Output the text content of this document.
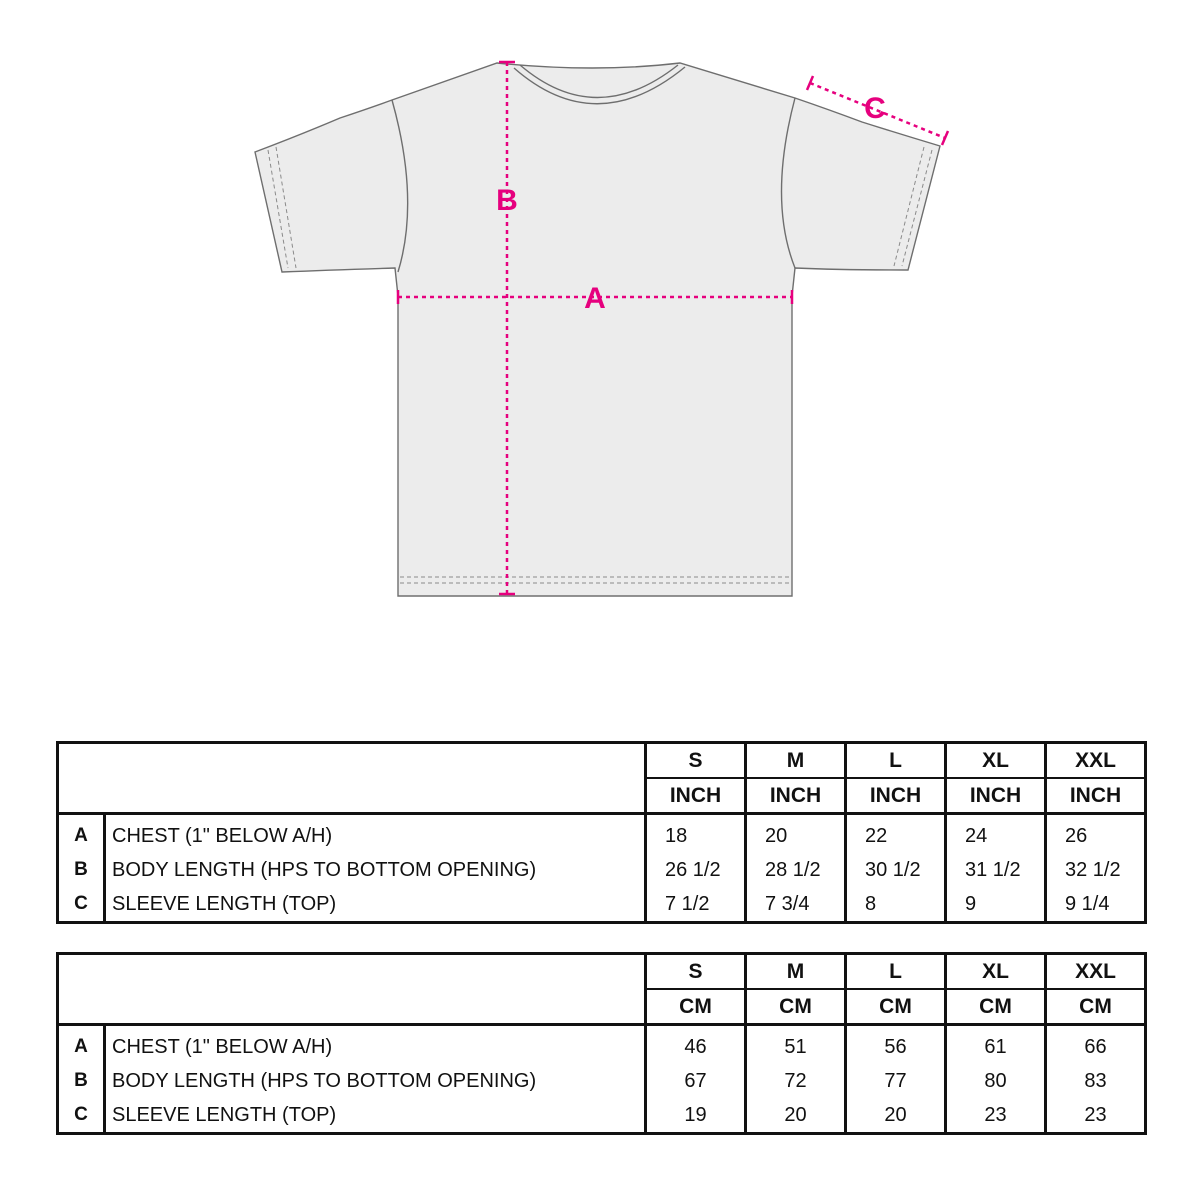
A
B
C
		S	M	L	XL	XXL
		INCH	INCH	INCH	INCH	INCH
A	CHEST (1" BELOW A/H)	18	20	22	24	26
B	BODY LENGTH (HPS TO BOTTOM OPENING)	26 1/2	28 1/2	30 1/2	31 1/2	32 1/2
C	SLEEVE LENGTH (TOP)	7 1/2	7 3/4	8	9	9 1/4
		S	M	L	XL	XXL
		CM	CM	CM	CM	CM
A	CHEST (1" BELOW A/H)	46	51	56	61	66
B	BODY LENGTH (HPS TO BOTTOM OPENING)	67	72	77	80	83
C	SLEEVE LENGTH (TOP)	19	20	20	23	23
